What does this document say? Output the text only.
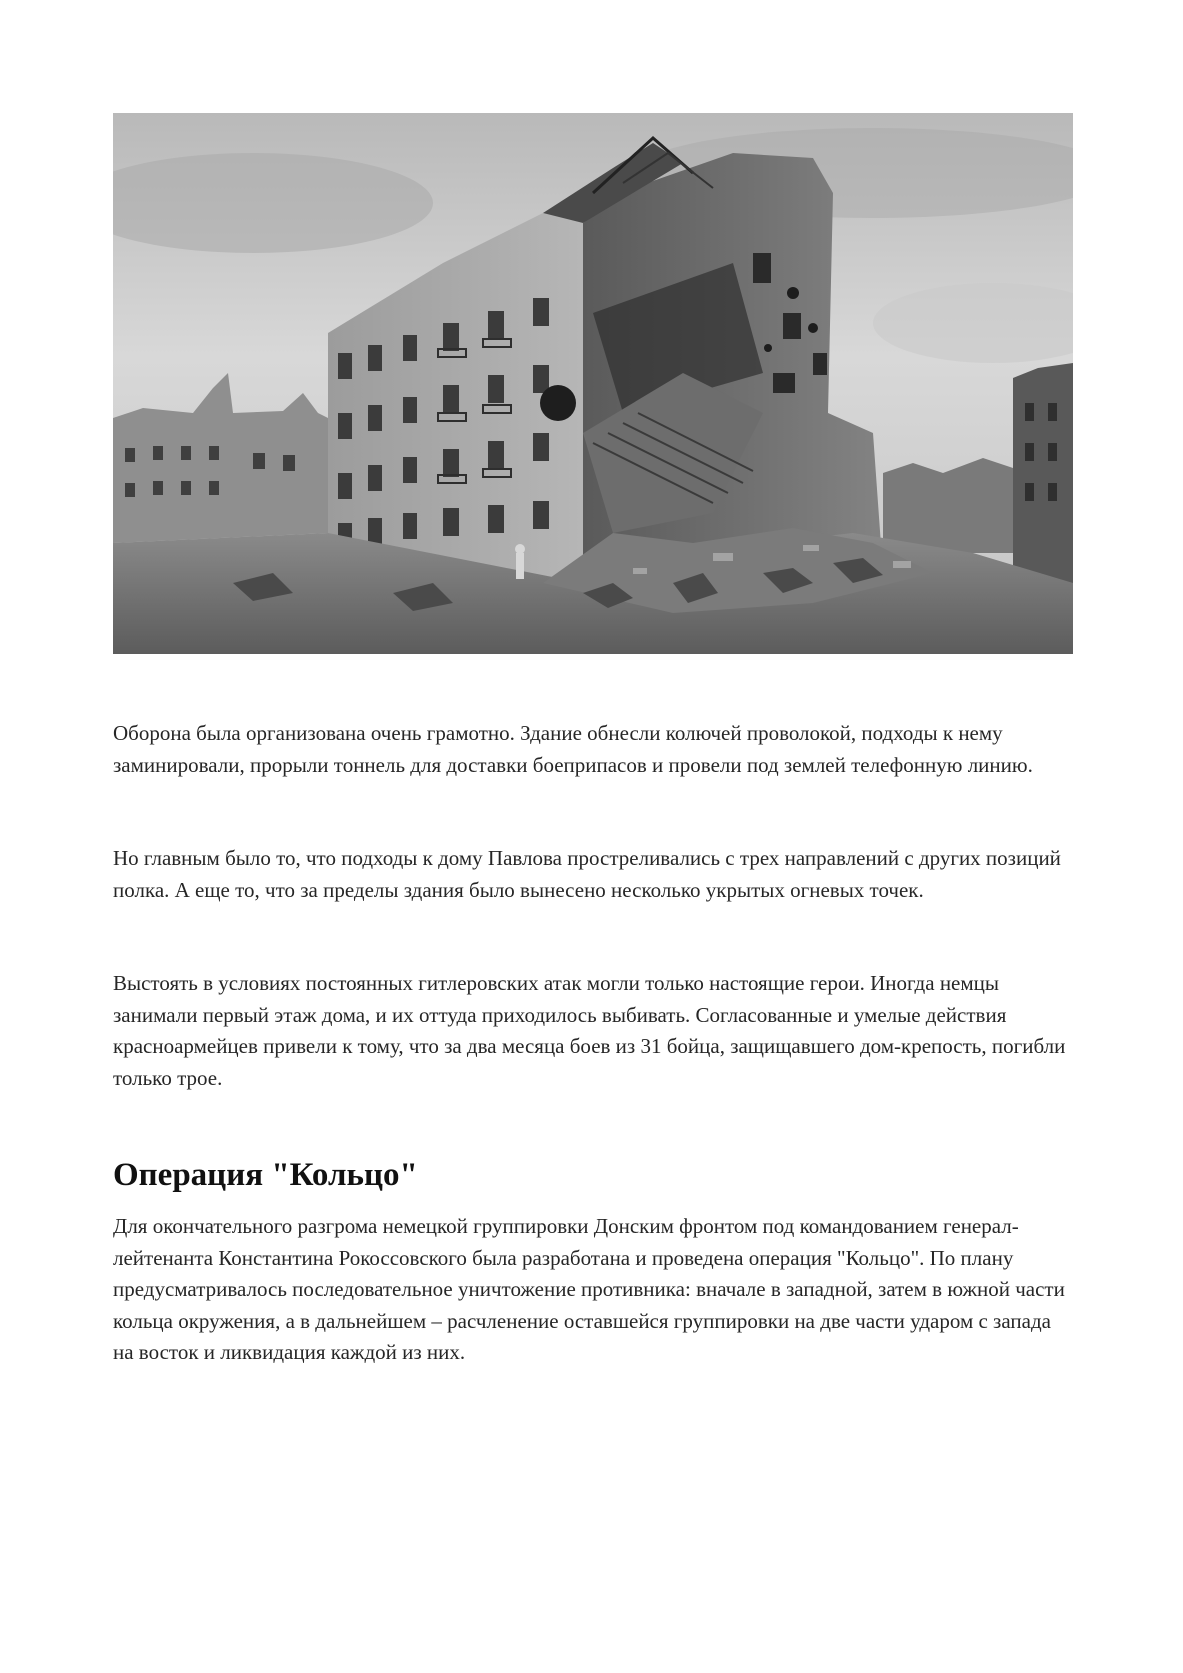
Оборона была организована очень грамотно. Здание обнесли колючей проволокой, подходы к нему заминировали, прорыли тоннель для доставки боеприпасов и провели под землей телефонную линию.

Но главным было то, что подходы к дому Павлова простреливались с трех направлений с других позиций полка. А еще то, что за пределы здания было вынесено несколько укрытых огневых точек.

Выстоять в условиях постоянных гитлеровских атак могли только настоящие герои. Иногда немцы занимали первый этаж дома, и их оттуда приходилось выбивать. Согласованные и умелые действия красноармейцев привели к тому, что за два месяца боев из 31 бойца, защищавшего дом-крепость, погибли только трое.

Операция "Кольцо"

Для окончательного разгрома немецкой группировки Донским фронтом под командованием генерал-лейтенанта Константина Рокоссовского была разработана и проведена операция "Кольцо". По плану предусматривалось последовательное уничтожение противника: вначале в западной, затем в южной части кольца окружения, а в дальнейшем – расчленение оставшейся группировки на две части ударом с запада на восток и ликвидация каждой из них.
